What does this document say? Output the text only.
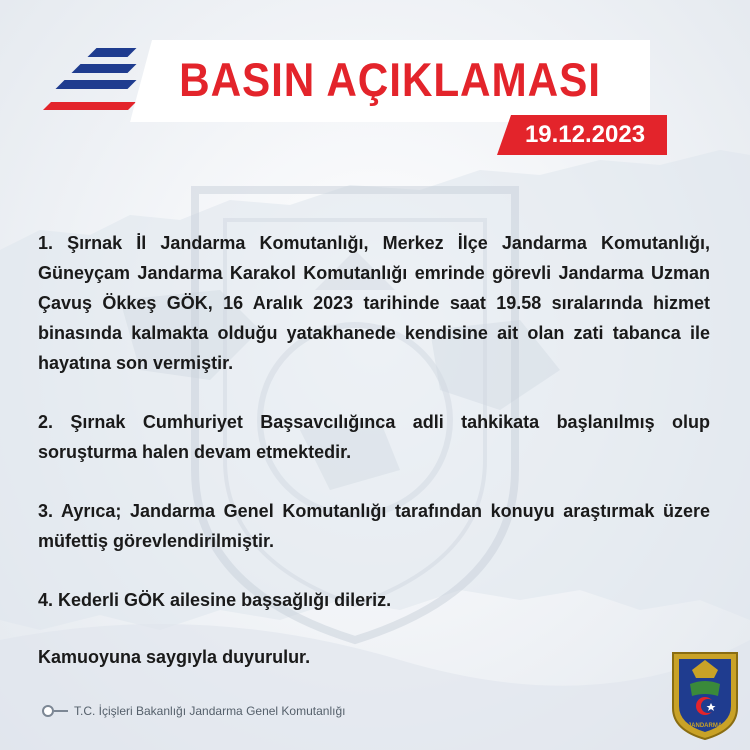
BASIN AÇIKLAMASI
19.12.2023

1. Şırnak İl Jandarma Komutanlığı, Merkez İlçe Jandarma Komutanlığı, Güneyçam Jandarma Karakol Komutanlığı emrinde görevli Jandarma Uzman Çavuş Ökkeş GÖK, 16 Aralık 2023 tarihinde saat 19.58 sıralarında hizmet binasında kalmakta olduğu yatakhanede kendisine ait olan zati tabanca ile hayatına son vermiştir.

2. Şırnak Cumhuriyet Başsavcılığınca adli tahkikata başlanılmış olup soruşturma halen devam etmektedir.

3. Ayrıca; Jandarma Genel Komutanlığı tarafından konuyu araştırmak üzere müfettiş görevlendirilmiştir.

4. Kederli GÖK ailesine başsağlığı dileriz.

Kamuoyuna saygıyla duyurulur.

T.C. İçişleri Bakanlığı Jandarma Genel Komutanlığı
JANDARMA
